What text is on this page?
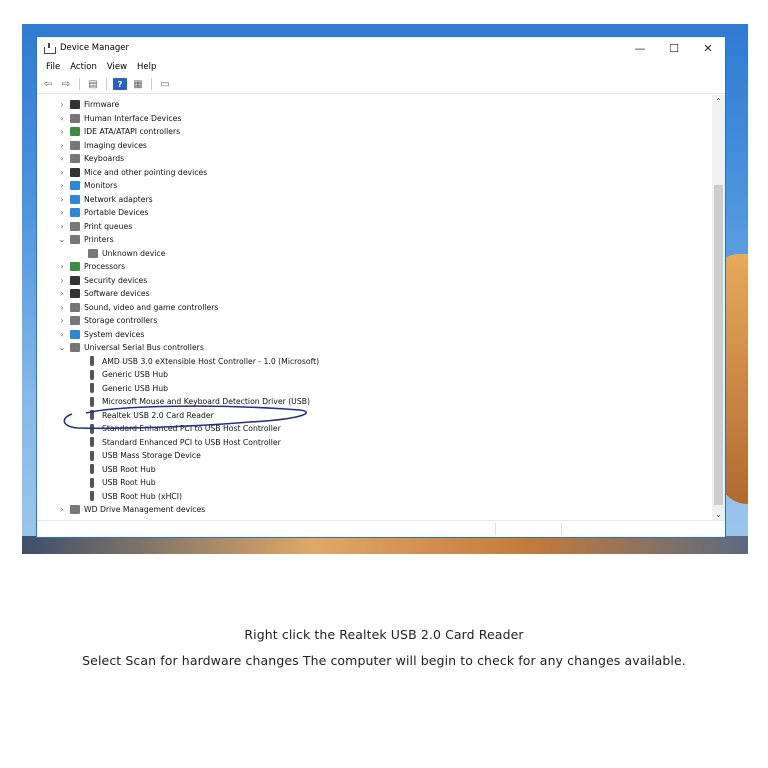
Device Manager	—	☐	✕
File	Action	View	Help
⇦ ⇨ ▤	?	▦ ▭
›	Firmware
›	Human Interface Devices
›	IDE ATA/ATAPI controllers
›	Imaging devices
›	Keyboards
›	Mice and other pointing devices
›	Monitors
›	Network adapters
›	Portable Devices
›	Print queues
⌄ Printers
Unknown device
›	Processors
›	Security devices
›	Software devices
›	Sound, video and game controllers
›	Storage controllers
›	System devices
⌄ Universal Serial Bus controllers
AMD USB 3.0 eXtensible Host Controller - 1.0 (Microsoft)
Generic USB Hub
Generic USB Hub
Microsoft Mouse and Keyboard Detection Driver (USB)
Realtek USB 2.0 Card Reader
Standard Enhanced PCI to USB Host Controller
Standard Enhanced PCI to USB Host Controller
USB Mass Storage Device
USB Root Hub
USB Root Hub
USB Root Hub (xHCI)
›	WD Drive Management devices
⌃
⌄
Right click the Realtek USB 2.0 Card Reader
Select Scan for hardware changes The computer will begin to check for any changes available.
